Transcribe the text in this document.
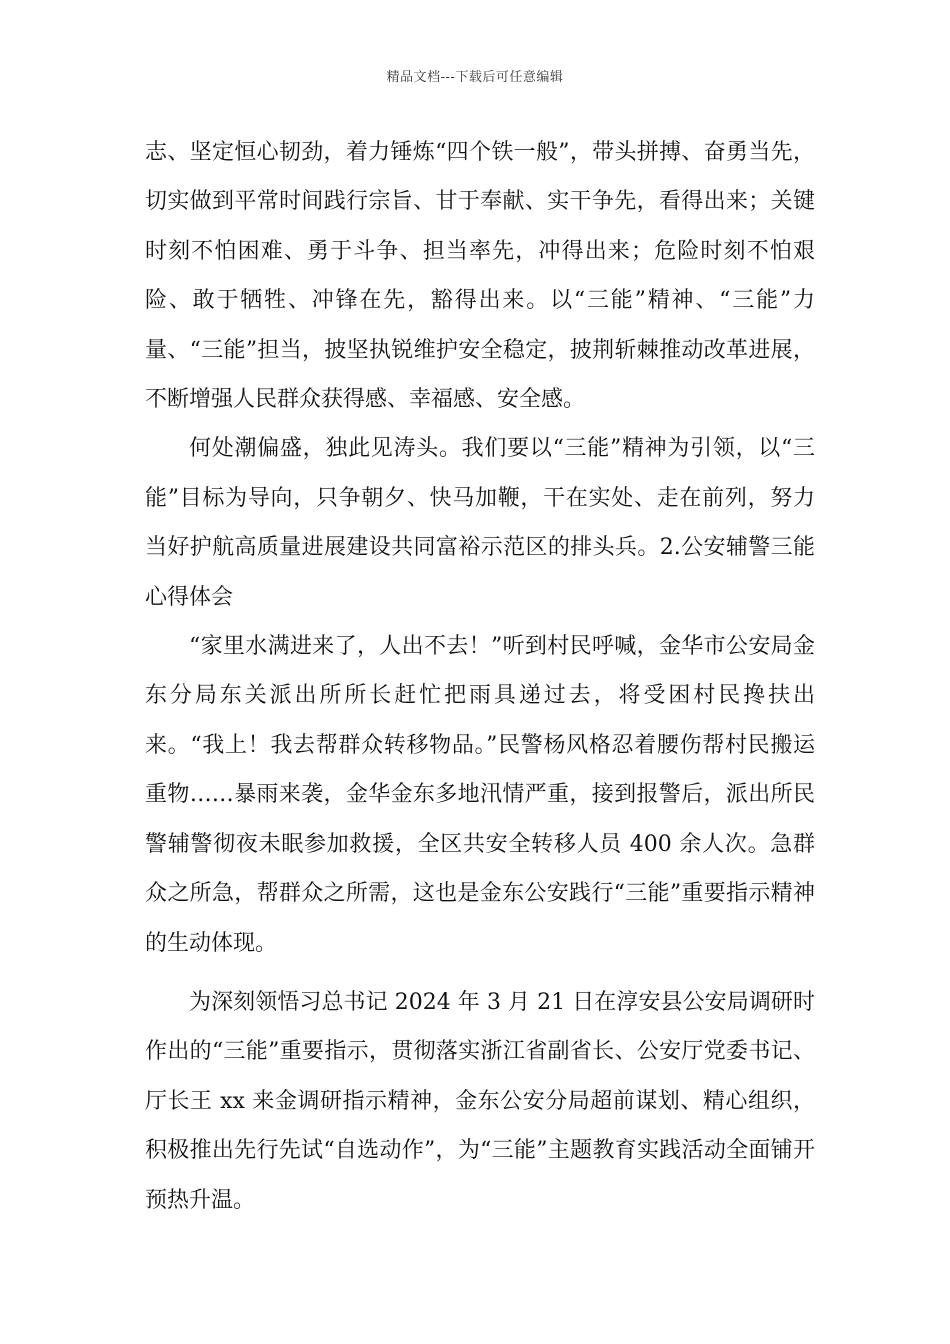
精品文档---下载后可任意编辑

志、坚定恒心韧劲，着力锤炼“四个铁一般”，带头拼搏、奋勇当先，切实做到平常时间践行宗旨、甘于奉献、实干争先，看得出来；关键时刻不怕困难、勇于斗争、担当率先，冲得出来；危险时刻不怕艰险、敢于牺牲、冲锋在先，豁得出来。以“三能”精神、“三能”力量、“三能”担当，披坚执锐维护安全稳定，披荆斩棘推动改革进展，不断增强人民群众获得感、幸福感、安全感。

何处潮偏盛，独此见涛头。我们要以“三能”精神为引领，以“三能”目标为导向，只争朝夕、快马加鞭，干在实处、走在前列，努力当好护航高质量进展建设共同富裕示范区的排头兵。2.公安辅警三能心得体会

“家里水满进来了，人出不去！”听到村民呼喊，金华市公安局金东分局东关派出所所长赶忙把雨具递过去，将受困村民搀扶出来。“我上！我去帮群众转移物品。”民警杨风格忍着腰伤帮村民搬运重物……暴雨来袭，金华金东多地汛情严重，接到报警后，派出所民警辅警彻夜未眠参加救援，全区共安全转移人员 400 余人次。急群众之所急，帮群众之所需，这也是金东公安践行“三能”重要指示精神的生动体现。

为深刻领悟习总书记 2024 年 3 月 21 日在淳安县公安局调研时作出的“三能”重要指示，贯彻落实浙江省副省长、公安厅党委书记、厅长王 xx 来金调研指示精神，金东公安分局超前谋划、精心组织，积极推出先行先试“自选动作”，为“三能”主题教育实践活动全面铺开预热升温。
